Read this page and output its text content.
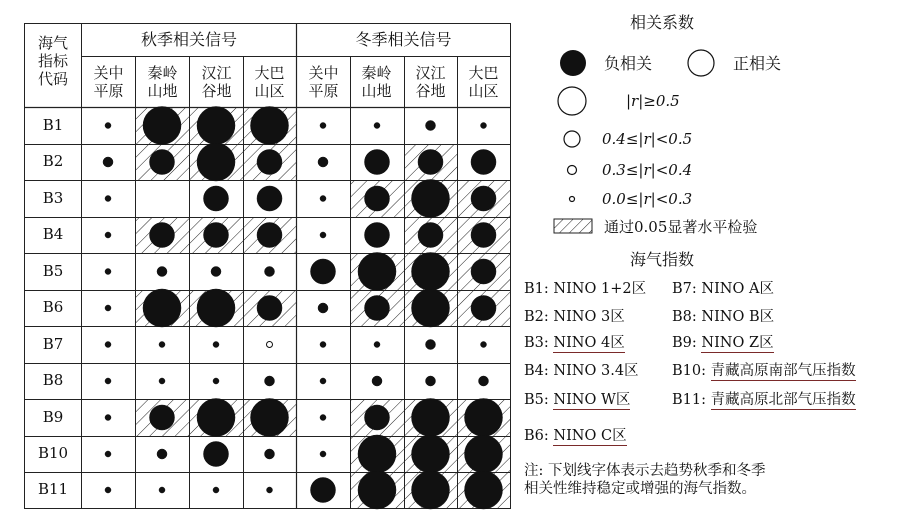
海气
指标
代码
秋季相关信号	冬季相关信号
关中
平原
秦岭
山地
汉江
谷地
大巴
山区
关中
平原
秦岭
山地
汉江
谷地
大巴
山区
B1
B2
B3
B4
B5
B6
B7
B8
B9
B10
B11
相关系数
负相关	正相关
|r|≥0.5
0.4≤|r|<0.5
0.3≤|r|<0.4
0.0≤|r|<0.3
通过0.05显著水平检验
海气指数
B1: NINO 1+2区
B2: NINO 3区
B3: NINO 4区
B4: NINO 3.4区
B5: NINO W区
B6: NINO C区
B7: NINO A区
B8: NINO B区
B9: NINO Z区
B10: 青藏高原南部气压指数
B11: 青藏高原北部气压指数
注: 下划线字体表示去趋势秋季和冬季
相关性维持稳定或增强的海气指数。
